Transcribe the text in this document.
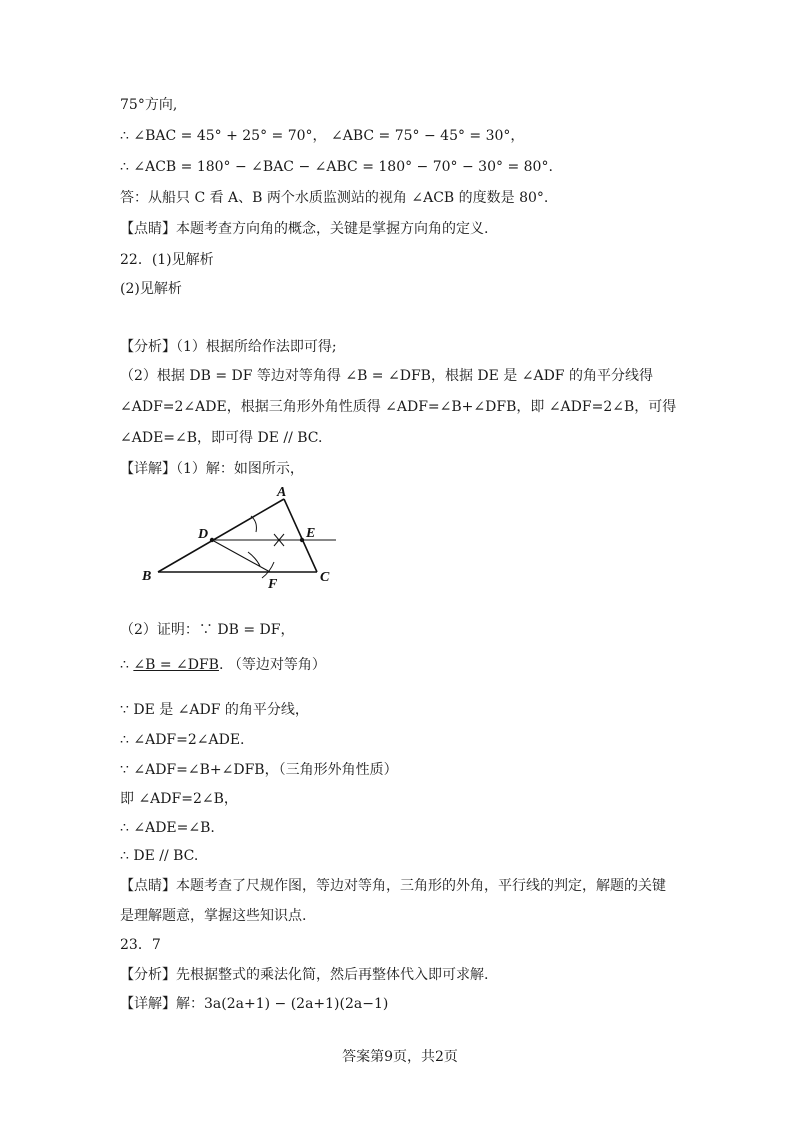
75°方向,
∴ ∠BAC = 45° + 25° = 70°， ∠ABC = 75° − 45° = 30°，
∴ ∠ACB = 180° − ∠BAC − ∠ABC = 180° − 70° − 30° = 80°.
答：从船只 C 看 A、B 两个水质监测站的视角 ∠ACB 的度数是 80°.
【点睛】本题考查方向角的概念，关键是掌握方向角的定义.
22．(1)见解析
(2)见解析
【分析】（1）根据所给作法即可得;
（2）根据 DB = DF 等边对等角得 ∠B = ∠DFB，根据 DE 是 ∠ADF 的角平分线得
∠ADF=2∠ADE，根据三角形外角性质得 ∠ADF=∠B+∠DFB，即 ∠ADF=2∠B，可得
∠ADE=∠B，即可得 DE // BC.
【详解】（1）解：如图所示，
A
B	C
D	E
F
（2）证明：∵ DB = DF，
∴ ∠B = ∠DFB. （等边对等角）
∵ DE 是 ∠ADF 的角平分线，
∴ ∠ADF=2∠ADE.
∵ ∠ADF=∠B+∠DFB，（三角形外角性质）
即 ∠ADF=2∠B，
∴ ∠ADE=∠B.
∴ DE // BC.
【点睛】本题考查了尺规作图，等边对等角，三角形的外角，平行线的判定，解题的关键
是理解题意，掌握这些知识点.
23．7
【分析】先根据整式的乘法化简，然后再整体代入即可求解.
【详解】解：3a(2a+1) − (2a+1)(2a−1)
答案第9页，共2页
